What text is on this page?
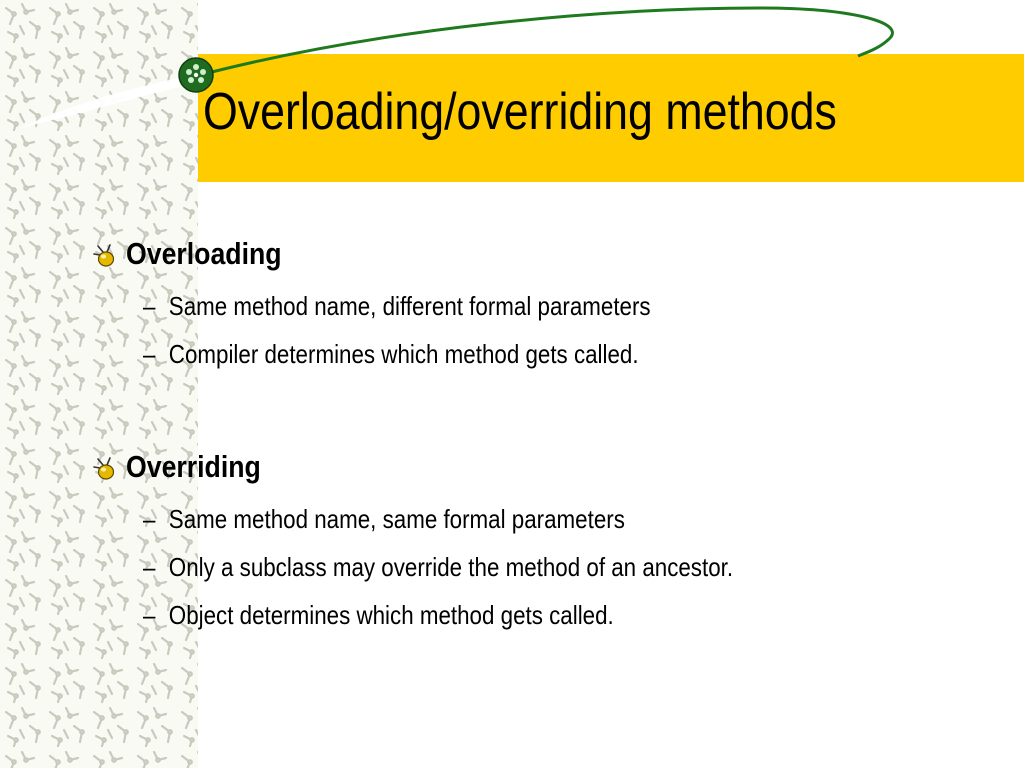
Overloading/overriding methods

Overloading

– Same method name, different formal parameters
– Compiler determines which method gets called.

Overriding

– Same method name, same formal parameters
– Only a subclass may override the method of an ancestor.
– Object determines which method gets called.
